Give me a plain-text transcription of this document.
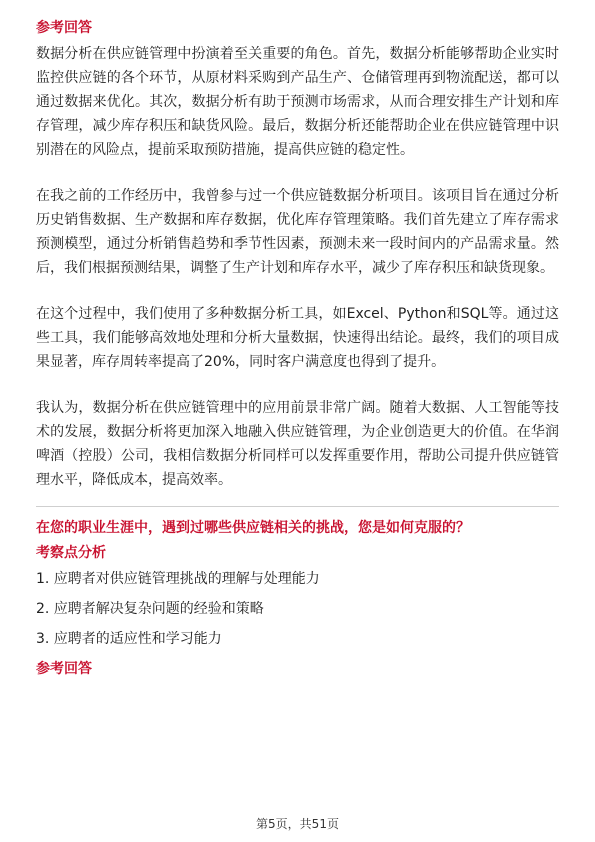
参考回答

数据分析在供应链管理中扮演着至关重要的角色。首先，数据分析能够帮助企业实时监控供应链的各个环节，从原材料采购到产品生产、仓储管理再到物流配送，都可以通过数据来优化。其次，数据分析有助于预测市场需求，从而合理安排生产计划和库存管理，减少库存积压和缺货风险。最后，数据分析还能帮助企业在供应链管理中识别潜在的风险点，提前采取预防措施，提高供应链的稳定性。

在我之前的工作经历中，我曾参与过一个供应链数据分析项目。该项目旨在通过分析历史销售数据、生产数据和库存数据，优化库存管理策略。我们首先建立了库存需求预测模型，通过分析销售趋势和季节性因素，预测未来一段时间内的产品需求量。然后，我们根据预测结果，调整了生产计划和库存水平，减少了库存积压和缺货现象。

在这个过程中，我们使用了多种数据分析工具，如Excel、Python和SQL等。通过这些工具，我们能够高效地处理和分析大量数据，快速得出结论。最终，我们的项目成果显著，库存周转率提高了20%，同时客户满意度也得到了提升。

我认为，数据分析在供应链管理中的应用前景非常广阔。随着大数据、人工智能等技术的发展，数据分析将更加深入地融入供应链管理，为企业创造更大的价值。在华润啤酒（控股）公司，我相信数据分析同样可以发挥重要作用，帮助公司提升供应链管理水平，降低成本，提高效率。

在您的职业生涯中，遇到过哪些供应链相关的挑战，您是如何克服的？

考察点分析

1. 应聘者对供应链管理挑战的理解与处理能力
2. 应聘者解决复杂问题的经验和策略
3. 应聘者的适应性和学习能力

参考回答

第5页，共51页
